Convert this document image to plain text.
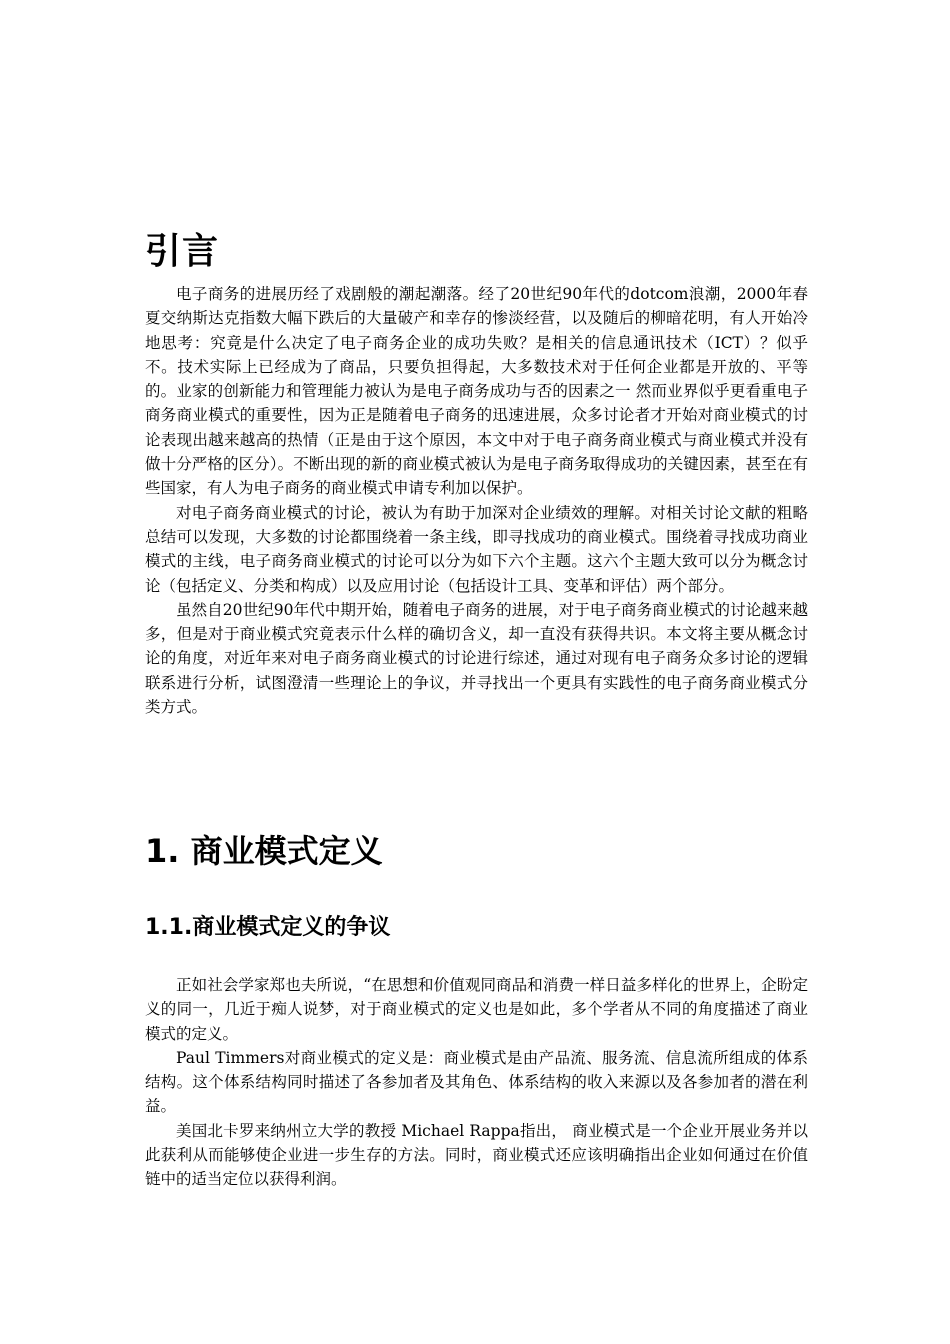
引言

电子商务的进展历经了戏剧般的潮起潮落。经了20世纪90年代的dotcom浪潮，2000年春夏交纳斯达克指数大幅下跌后的大量破产和幸存的惨淡经营，以及随后的柳暗花明，有人开始冷地思考：究竟是什么决定了电子商务企业的成功失败？是相关的信息通讯技术（ICT）？似乎不。技术实际上已经成为了商品，只要负担得起，大多数技术对于任何企业都是开放的、平等的。业家的创新能力和管理能力被认为是电子商务成功与否的因素之一 然而业界似乎更看重电子商务商业模式的重要性，因为正是随着电子商务的迅速进展，众多讨论者才开始对商业模式的讨论表现出越来越高的热情（正是由于这个原因，本文中对于电子商务商业模式与商业模式并没有做十分严格的区分）。不断出现的新的商业模式被认为是电子商务取得成功的关键因素，甚至在有些国家，有人为电子商务的商业模式申请专利加以保护。

对电子商务商业模式的讨论，被认为有助于加深对企业绩效的理解。对相关讨论文献的粗略总结可以发现，大多数的讨论都围绕着一条主线，即寻找成功的商业模式。围绕着寻找成功商业模式的主线，电子商务商业模式的讨论可以分为如下六个主题。这六个主题大致可以分为概念讨论（包括定义、分类和构成）以及应用讨论（包括设计工具、变革和评估）两个部分。

虽然自20世纪90年代中期开始，随着电子商务的进展，对于电子商务商业模式的讨论越来越多，但是对于商业模式究竟表示什么样的确切含义，却一直没有获得共识。本文将主要从概念讨论的角度，对近年来对电子商务商业模式的讨论进行综述，通过对现有电子商务众多讨论的逻辑联系进行分析，试图澄清一些理论上的争议，并寻找出一个更具有实践性的电子商务商业模式分类方式。

1. 商业模式定义
1.1.商业模式定义的争议

正如社会学家郑也夫所说，“在思想和价值观同商品和消费一样日益多样化的世界上，企盼定义的同一，几近于痴人说梦，对于商业模式的定义也是如此，多个学者从不同的角度描述了商业模式的定义。

Paul Timmers对商业模式的定义是：商业模式是由产品流、服务流、信息流所组成的体系结构。这个体系结构同时描述了各参加者及其角色、体系结构的收入来源以及各参加者的潜在利益。

美国北卡罗来纳州立大学的教授 Michael Rappa指出， 商业模式是一个企业开展业务并以此获利从而能够使企业进一步生存的方法。同时，商业模式还应该明确指出企业如何通过在价值链中的适当定位以获得利润。
